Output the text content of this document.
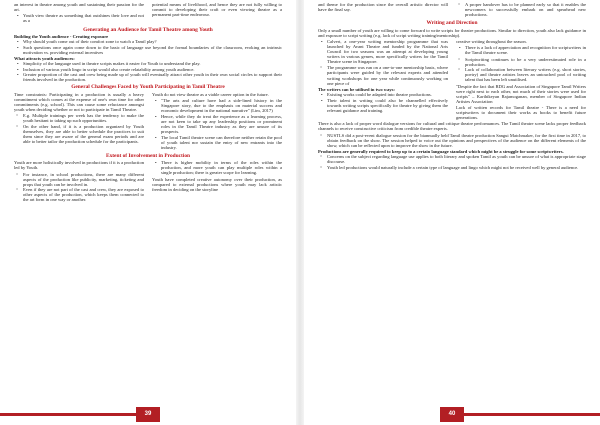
an interest in theatre among youth and sustaining their passion for the art.

• Youth view theatre as something that outshines their love and not as a

potential means of livelihood, and hence they are not fully willing to commit to developing their craft or even viewing theatre as a permanent part-time endeavour.

Generating an Audience for Tamil Theatre among Youth
Building the Youth audience - Creating exposure
• Why should youth come out of their comfort zone to watch a Tamil play?
• Such questions once again come down to the basic of language use beyond the formal boundaries of the classroom, evoking an intrinsic motivation vs. providing external incentives
What attracts youth audiences:
• Simplicity of the language used in theatre scripts makes it easier for Youth to understand the play.
• Inclusion of various youth lingo in script would also create relatability among youth audience.
• Greater proportion of the cast and crew being made up of youth will eventually attract other youth in their own social circles to support their friends involved in the production.
General Challenges Faced by Youth Participating in Tamil Theatre

Time constraints: Participating in a production is usually a heavy commitment which comes at the expense of one's own time for other commitments (e.g. school). This can cause some reluctance amongst youth when deciding whether or not to participate in Tamil Theatre.

○ E.g. Multiple trainings per week has the tendency to make the youth hesitant to taking up such opportunities.
○ On the other hand, if it is a production organized by Youth themselves, they are able to better schedule the practices to suit them since they are aware of the general exam periods and are able to better tailor the production schedule for the participants.

Youth do not view theatre as a viable career option in the future.

• "The arts and culture have had a side-lined history in the Singapore story, due to the emphasis on material success and economic development in the national narrative" (Lim, 2017)
• Hence, while they do treat the experience as a learning process, are not keen to take up any leadership positions or prominent roles in the Tamil Theatre industry as they are unsure of its prospects.
• The local Tamil theatre scene can therefore neither retain the pool of youth talent nor sustain the entry of new entrants into the industry.
Extent of Involvement in Production

Youth are more holistically involved in productions if it is a production led by Youth.

○ For instance, in school productions, there are many different aspects of the production like publicity, marketing, ticketing and props that youth can be involved in.
○ Even if they are not part of the cast and crew, they are exposed to other aspects of the production, which keeps them connected to the art form in one way or another.
• There is higher mobility in terms of the roles within the production, and more youth can play multiple roles within a single production; there is greater scope for learning.

Youth have completed creative autonomy over their production, as compared to external productions where youth may lack artistic freedom in deciding on the storyline

39

and theme for the production since the overall artistic director will have the final say.

○ A proper handover has to be planned early so that it enables the newcomers to successfully embark on and spearhead new productions.
Writing and Direction

Only a small number of youth are willing to come forward to write scripts for theatre productions. Similar to direction, youth also lack guidance in and exposure to script writing (e.g. lack of script writing training/mentorship).

• Calvert, a one-year writing mentorship programme that was launched by Avant Theatre and funded by the National Arts Council for two seasons was an attempt at developing young writers in various genres, more specifically writers for the Tamil Theatre scene in Singapore.
○ The programme was run on a one-to-one mentorship basis, where participants were guided by the relevant experts and attended writing workshops for one year while continuously working on one piece of
The writers can be utilised in two ways:
• Existing works could be adapted into theatre productions.
• Their talent in writing could also be channelled effectively towards writing scripts specifically for theatre by giving them the relevant guidance and training.

creative writing throughout the season.

• There is a lack of appreciation and recognition for scriptwriters in the Tamil theatre scene.
○ Scriptwriting continues to be a very underestimated role in a production.
○ Lack of collaboration between literary writers (e.g. short stories, poetry) and theatre artistes leaves an untouched pool of writing talent that has been left unutilised.

"Despite the fact that RDG and Association of Singapore Tamil Writers were right next to each other, not much of their stories were used for scripts" – Karthikeyan Rajamoganan, member of Singapore Indian Artistes Association

Lack of written records for Tamil theatre - There is a need for scriptwriters to document their works as books to benefit future generations.

There is also a lack of proper word dialogue versions for cultural and critique theatre performances. The Tamil theatre scene lacks proper feedback channels to receive constructive criticism from credible theatre experts.

○ NUSTLS did a post-event dialogue session for the biannually held Tamil theatre production Sangui Matchmaker, for the first time in 2017, to obtain feedback on the show. The session helped to voice out the opinions and perspectives of the audience on the different elements of the show, which can be reflected upon to improve the show in the future.
Productions are generally required to keep up to a certain language standard which might be a struggle for some scriptwriters.
○ Concerns on the subject regarding language use applies to both literary and spoken Tamil as youth can be unsure of what is appropriate stage discourse.
○ Youth led productions would naturally include a certain type of language and lingo which might not be received well by general audience.
40
